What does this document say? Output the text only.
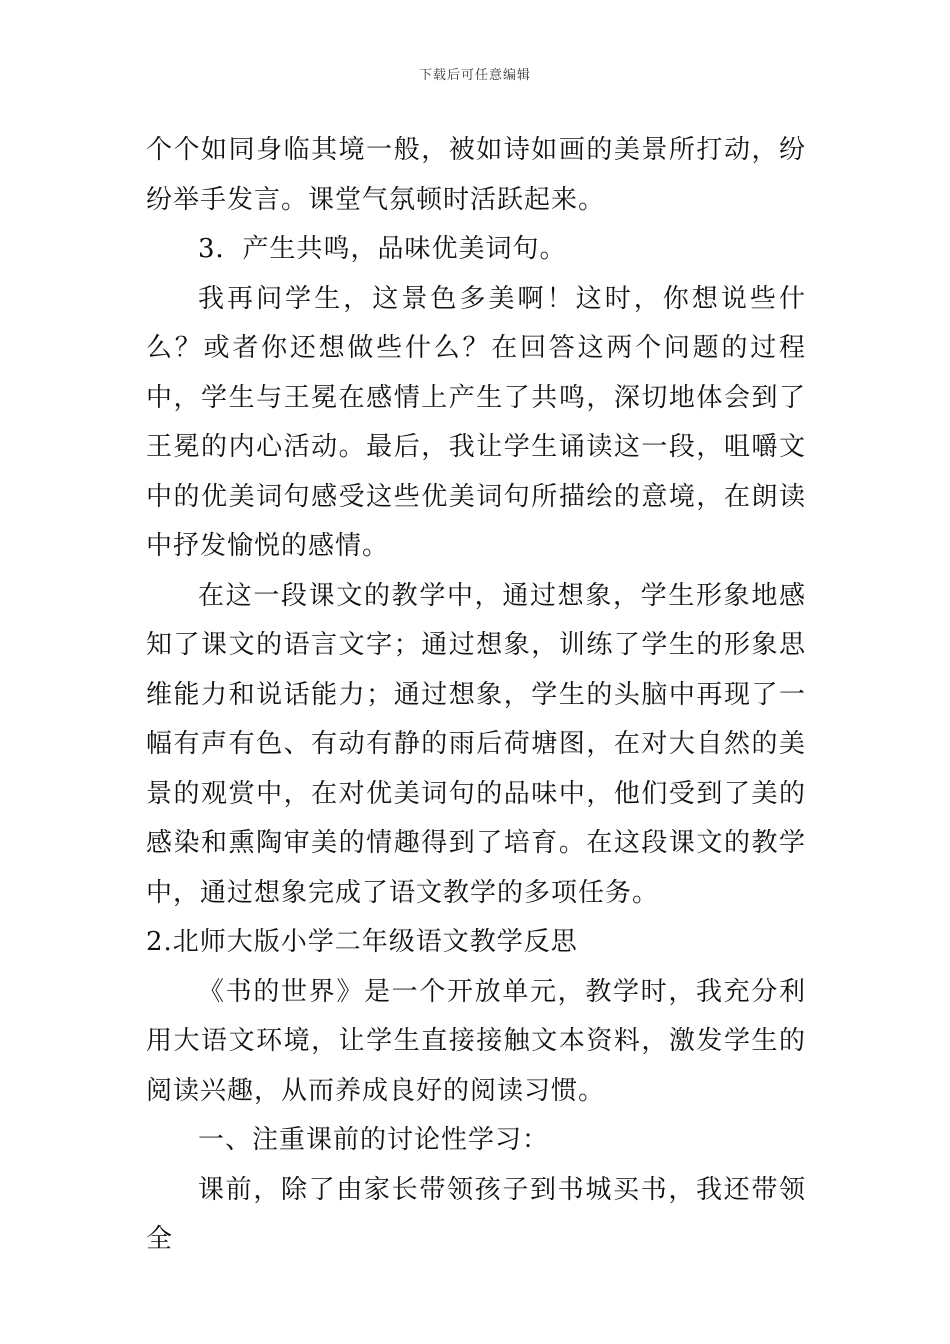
下载后可任意编辑

个个如同身临其境一般，被如诗如画的美景所打动，纷纷举手发言。课堂气氛顿时活跃起来。

3．产生共鸣，品味优美词句。

我再问学生，这景色多美啊！这时，你想说些什么？或者你还想做些什么？在回答这两个问题的过程中，学生与王冕在感情上产生了共鸣，深切地体会到了王冕的内心活动。最后，我让学生诵读这一段，咀嚼文中的优美词句感受这些优美词句所描绘的意境，在朗读中抒发愉悦的感情。

在这一段课文的教学中，通过想象，学生形象地感知了课文的语言文字；通过想象，训练了学生的形象思维能力和说话能力；通过想象，学生的头脑中再现了一幅有声有色、有动有静的雨后荷塘图，在对大自然的美景的观赏中，在对优美词句的品味中，他们受到了美的感染和熏陶审美的情趣得到了培育。在这段课文的教学中，通过想象完成了语文教学的多项任务。

2.北师大版小学二年级语文教学反思

《书的世界》是一个开放单元，教学时，我充分利用大语文环境，让学生直接接触文本资料，激发学生的阅读兴趣，从而养成良好的阅读习惯。

一、注重课前的讨论性学习：

课前，除了由家长带领孩子到书城买书，我还带领全
